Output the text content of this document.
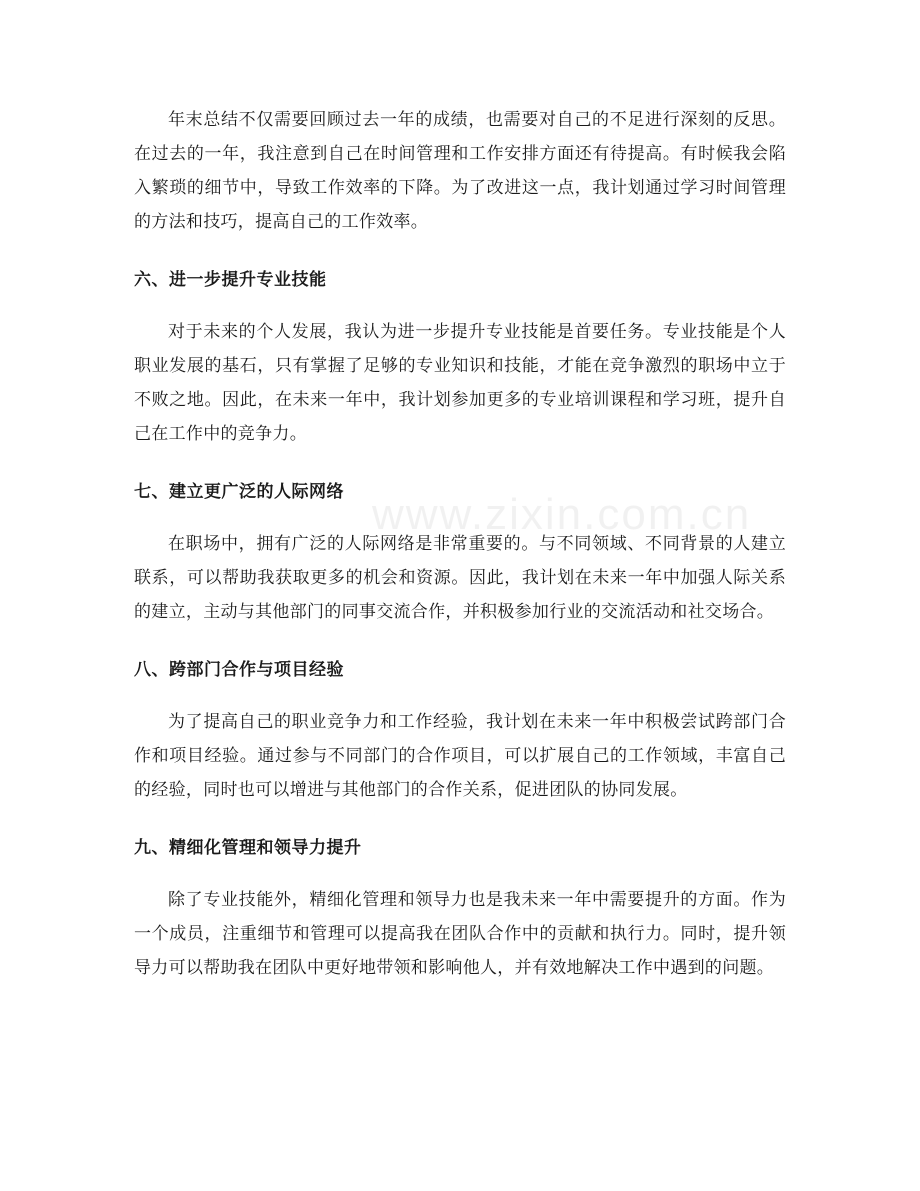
www.zixin.com.cn

年末总结不仅需要回顾过去一年的成绩，也需要对自己的不足进行深刻的反思。在过去的一年，我注意到自己在时间管理和工作安排方面还有待提高。有时候我会陷入繁琐的细节中，导致工作效率的下降。为了改进这一点，我计划通过学习时间管理的方法和技巧，提高自己的工作效率。

六、进一步提升专业技能

对于未来的个人发展，我认为进一步提升专业技能是首要任务。专业技能是个人职业发展的基石，只有掌握了足够的专业知识和技能，才能在竞争激烈的职场中立于不败之地。因此，在未来一年中，我计划参加更多的专业培训课程和学习班，提升自己在工作中的竞争力。

七、建立更广泛的人际网络

在职场中，拥有广泛的人际网络是非常重要的。与不同领域、不同背景的人建立联系，可以帮助我获取更多的机会和资源。因此，我计划在未来一年中加强人际关系的建立，主动与其他部门的同事交流合作，并积极参加行业的交流活动和社交场合。

八、跨部门合作与项目经验

为了提高自己的职业竞争力和工作经验，我计划在未来一年中积极尝试跨部门合作和项目经验。通过参与不同部门的合作项目，可以扩展自己的工作领域，丰富自己的经验，同时也可以增进与其他部门的合作关系，促进团队的协同发展。

九、精细化管理和领导力提升

除了专业技能外，精细化管理和领导力也是我未来一年中需要提升的方面。作为一个成员，注重细节和管理可以提高我在团队合作中的贡献和执行力。同时，提升领导力可以帮助我在团队中更好地带领和影响他人，并有效地解决工作中遇到的问题。
